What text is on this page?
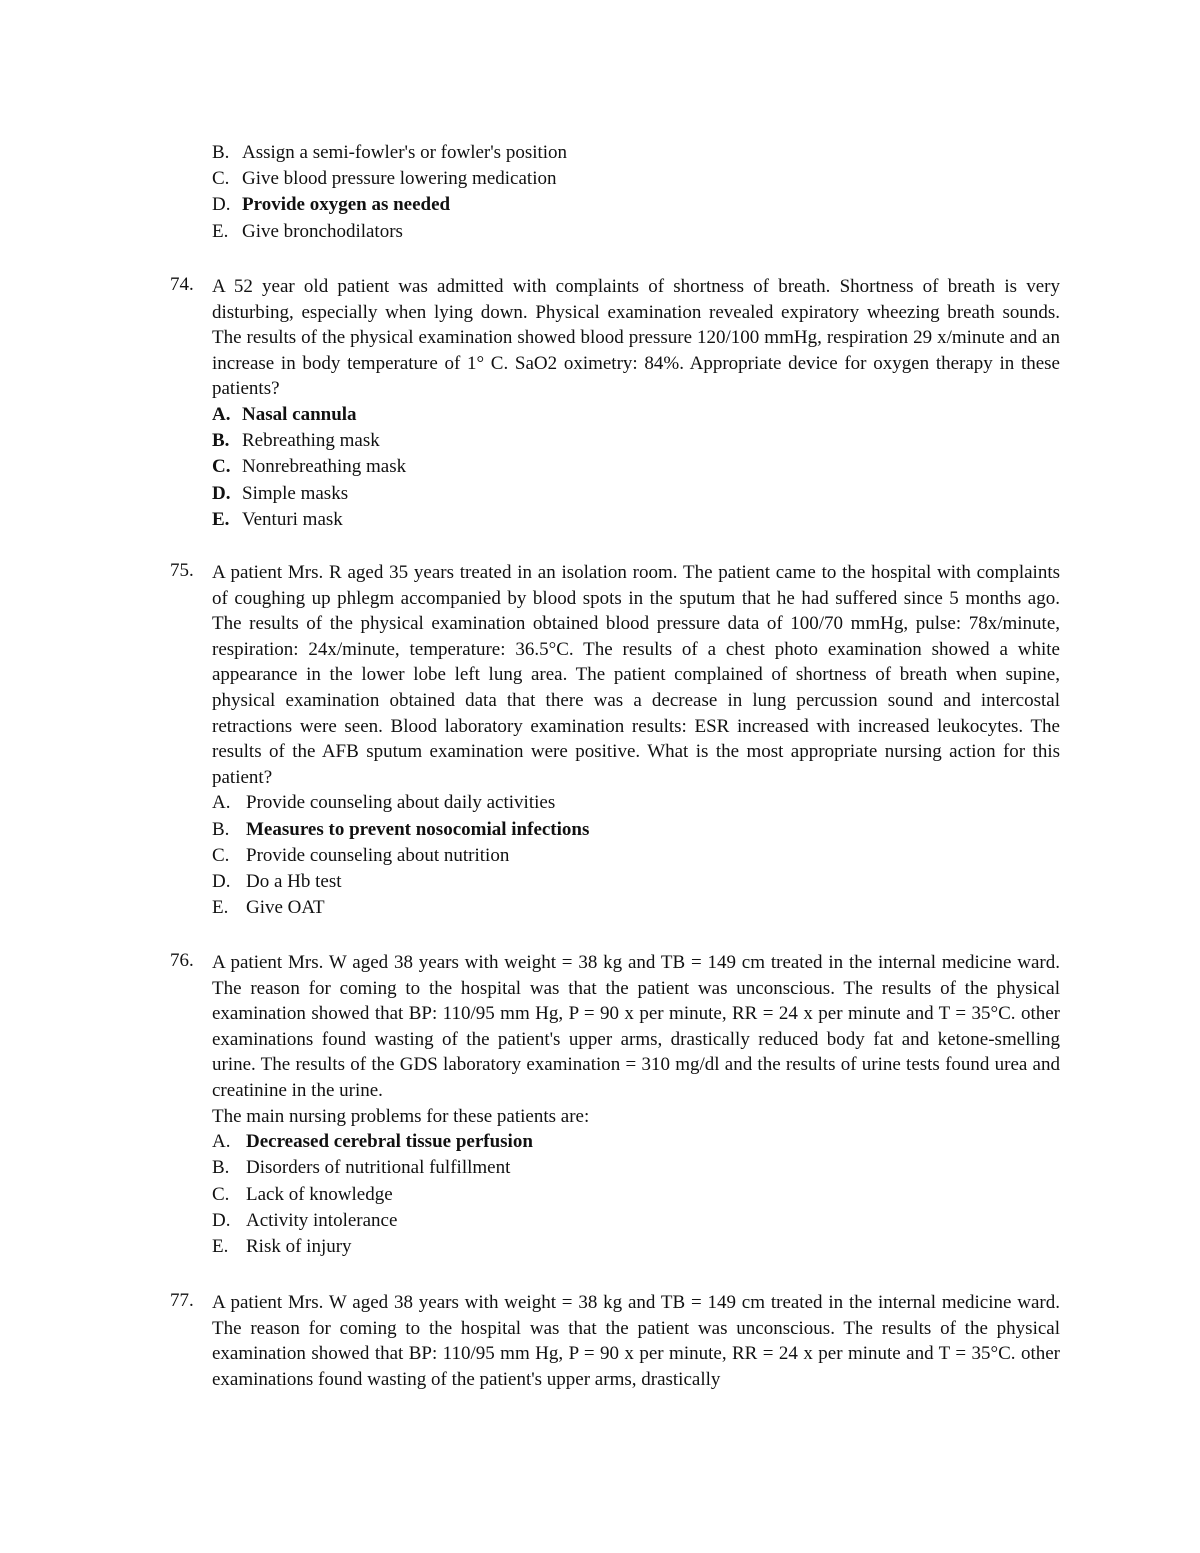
B. Assign a semi-fowler's or fowler's position
C. Give blood pressure lowering medication
D. Provide oxygen as needed
E. Give bronchodilators
74. A 52 year old patient was admitted with complaints of shortness of breath. Shortness of breath is very disturbing, especially when lying down. Physical examination revealed expiratory wheezing breath sounds. The results of the physical examination showed blood pressure 120/100 mmHg, respiration 29 x/minute and an increase in body temperature of 1° C. SaO2 oximetry: 84%. Appropriate device for oxygen therapy in these patients?
A. Nasal cannula
B. Rebreathing mask
C. Nonrebreathing mask
D. Simple masks
E. Venturi mask
75. A patient Mrs. R aged 35 years treated in an isolation room. The patient came to the hospital with complaints of coughing up phlegm accompanied by blood spots in the sputum that he had suffered since 5 months ago. The results of the physical examination obtained blood pressure data of 100/70 mmHg, pulse: 78x/minute, respiration: 24x/minute, temperature: 36.5°C. The results of a chest photo examination showed a white appearance in the lower lobe left lung area. The patient complained of shortness of breath when supine, physical examination obtained data that there was a decrease in lung percussion sound and intercostal retractions were seen. Blood laboratory examination results: ESR increased with increased leukocytes. The results of the AFB sputum examination were positive. What is the most appropriate nursing action for this patient?
A. Provide counseling about daily activities
B. Measures to prevent nosocomial infections
C. Provide counseling about nutrition
D. Do a Hb test
E. Give OAT
76. A patient Mrs. W aged 38 years with weight = 38 kg and TB = 149 cm treated in the internal medicine ward. The reason for coming to the hospital was that the patient was unconscious. The results of the physical examination showed that BP: 110/95 mm Hg, P = 90 x per minute, RR = 24 x per minute and T = 35°C. other examinations found wasting of the patient's upper arms, drastically reduced body fat and ketone-smelling urine. The results of the GDS laboratory examination = 310 mg/dl and the results of urine tests found urea and creatinine in the urine.
The main nursing problems for these patients are:
A. Decreased cerebral tissue perfusion
B. Disorders of nutritional fulfillment
C. Lack of knowledge
D. Activity intolerance
E. Risk of injury
77. A patient Mrs. W aged 38 years with weight = 38 kg and TB = 149 cm treated in the internal medicine ward. The reason for coming to the hospital was that the patient was unconscious. The results of the physical examination showed that BP: 110/95 mm Hg, P = 90 x per minute, RR = 24 x per minute and T = 35°C. other examinations found wasting of the patient's upper arms, drastically
